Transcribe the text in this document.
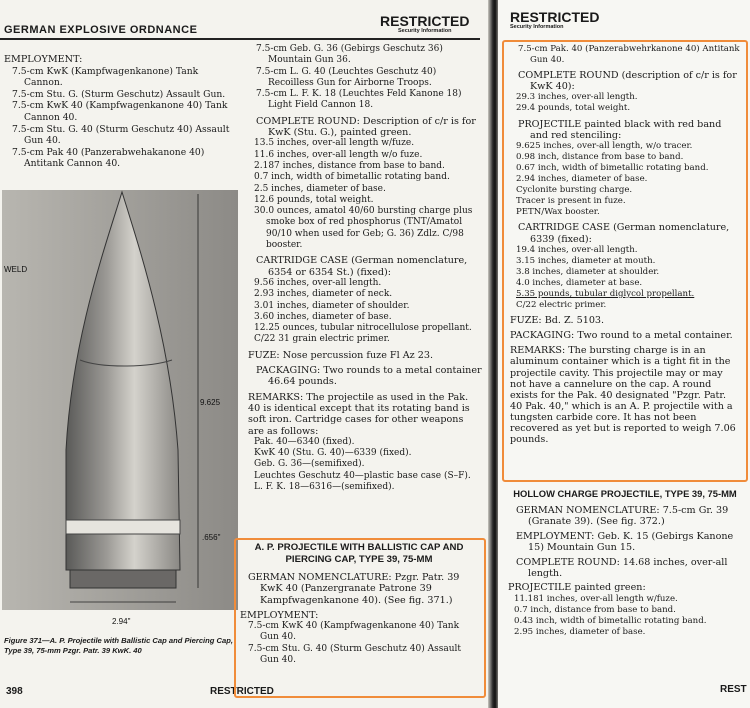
GERMAN EXPLOSIVE ORDNANCE
RESTRICTED
Security Information

EMPLOYMENT:

7.5-cm KwK (Kampfwagenkanone) Tank Cannon.

7.5-cm Stu. G. (Sturm Geschutz) Assault Gun.

7.5-cm KwK 40 (Kampfwagenkanone 40) Tank Cannon 40.

7.5-cm Stu. G. 40 (Sturm Geschutz 40) Assault Gun 40.

7.5-cm Pak 40 (Panzerabwehakanone 40) Antitank Cannon 40.

WELD
9.625
.656"
2.94"
Figure 371—A. P. Projectile with Ballistic Cap and Piercing Cap, Type 39, 75-mm Pzgr. Patr. 39 KwK. 40
398	RESTRICTED

7.5-cm Geb. G. 36 (Gebirgs Geschutz 36) Mountain Gun 36.

7.5-cm L. G. 40 (Leuchtes Geschutz 40) Recoilless Gun for Airborne Troops.

7.5-cm L. F. K. 18 (Leuchtes Feld Kanone 18) Light Field Cannon 18.

COMPLETE ROUND: Description of c/r is for KwK (Stu. G.), painted green.

13.5 inches, over-all length w/fuze.

11.6 inches, over-all length w/o fuze.

2.187 inches, distance from base to band.

0.7 inch, width of bimetallic rotating band.

2.5 inches, diameter of base.

12.6 pounds, total weight.

30.0 ounces, amatol 40/60 bursting charge plus smoke box of red phosphorus (TNT/Amatol 90/10 when used for Geb; G. 36) Zdlz. C/98 booster.

CARTRIDGE CASE (German nomenclature, 6354 or 6354 St.) (fixed):

9.56 inches, over-all length.

2.93 inches, diameter of neck.

3.01 inches, diameter of shoulder.

3.60 inches, diameter of base.

12.25 ounces, tubular nitrocellulose propellant.

C/22 31 grain electric primer.

FUZE: Nose percussion fuze Fl Az 23.

PACKAGING: Two rounds to a metal container 46.64 pounds.

REMARKS: The projectile as used in the Pak. 40 is identical except that its rotating band is soft iron. Cartridge cases for other weapons are as follows:

Pak. 40—6340 (fixed).

KwK 40 (Stu. G. 40)—6339 (fixed).

Geb. G. 36—(semifixed).

Leuchtes Geschutz 40—plastic base case (S–F).

L. F. K. 18—6316—(semifixed).

A. P. PROJECTILE WITH BALLISTIC CAP AND PIERCING CAP, TYPE 39, 75-MM

GERMAN NOMENCLATURE: Pzgr. Patr. 39 KwK 40 (Panzergranate Patrone 39 Kampfwagenkanone 40). (See fig. 371.)

EMPLOYMENT:

7.5-cm KwK 40 (Kampfwagenkanone 40) Tank Gun 40.

7.5-cm Stu. G. 40 (Sturm Geschutz 40) Assault Gun 40.

RESTRICTED
Security Information

7.5-cm Pak. 40 (Panzerabwehrkanone 40) Antitank Gun 40.

COMPLETE ROUND (description of c/r is for KwK 40):

29.3 inches, over-all length.

29.4 pounds, total weight.

PROJECTILE painted black with red band and red stenciling:

9.625 inches, over-all length, w/o tracer.

0.98 inch, distance from base to band.

0.67 inch, width of bimetallic rotating band.

2.94 inches, diameter of base.

Cyclonite bursting charge.

Tracer is present in fuze.

PETN/Wax booster.

CARTRIDGE CASE (German nomenclature, 6339 (fixed):

19.4 inches, over-all length.

3.15 inches, diameter at mouth.

3.8 inches, diameter at shoulder.

4.0 inches, diameter at base.

5.35 pounds, tubular diglycol propellant.

C/22 electric primer.

FUZE: Bd. Z. 5103.

PACKAGING: Two round to a metal container.

REMARKS: The bursting charge is in an aluminum container which is a tight fit in the projectile cavity. This projectile may or may not have a cannelure on the cap. A round exists for the Pak. 40 designated "Pzgr. Patr. 40 Pak. 40," which is an A. P. projectile with a tungsten carbide core. It has not been recovered as yet but is reported to weigh 7.06 pounds.

HOLLOW CHARGE PROJECTILE, TYPE 39, 75-MM

GERMAN NOMENCLATURE: 7.5-cm Gr. 39 (Granate 39). (See fig. 372.)

EMPLOYMENT: Geb. K. 15 (Gebirgs Kanone 15) Mountain Gun 15.

COMPLETE ROUND: 14.68 inches, over-all length.

PROJECTILE painted green:

11.181 inches, over-all length w/fuze.

0.7 inch, distance from base to band.

0.43 inch, width of bimetallic rotating band.

2.95 inches, diameter of base.

REST
